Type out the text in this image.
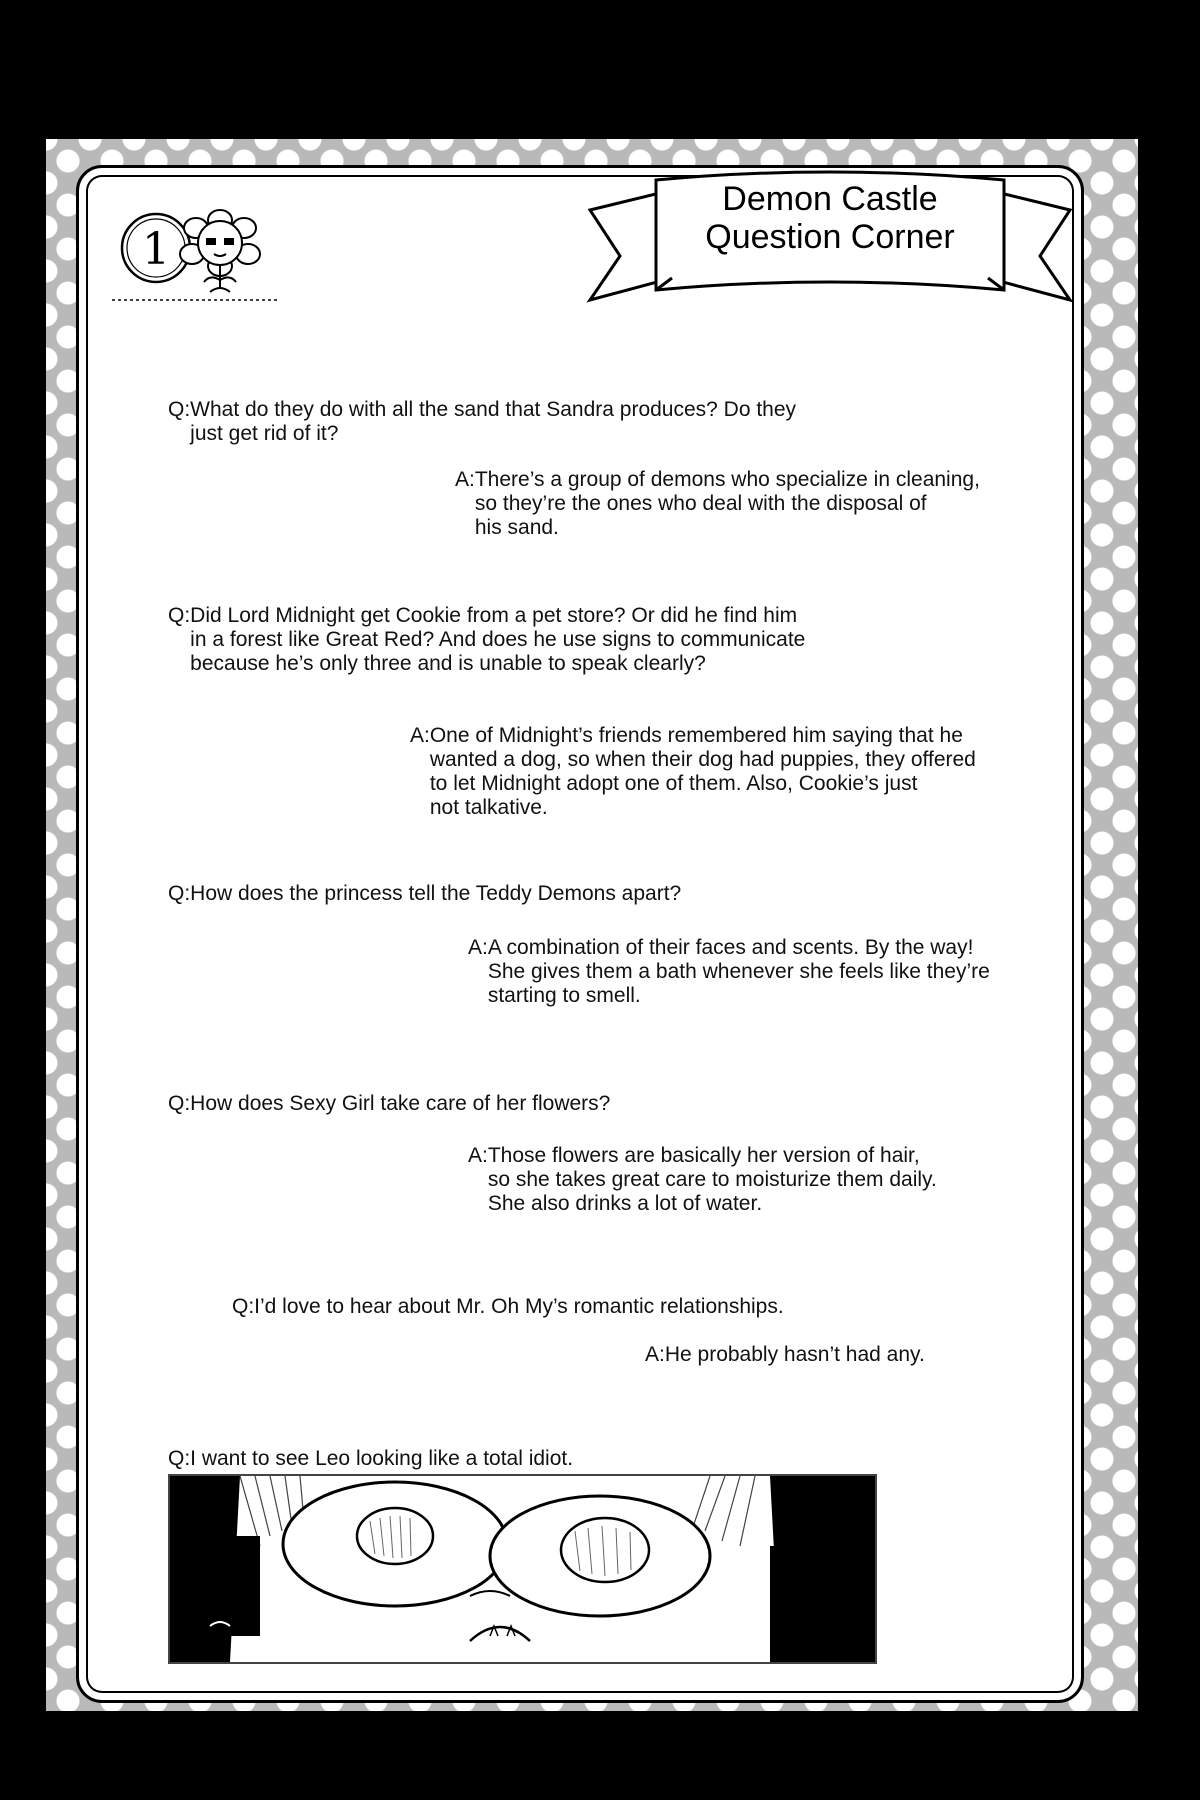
1
Demon Castle
Question Corner
Q: What do they do with all the sand that Sandra produces? Do they
just get rid of it?
A: There’s a group of demons who specialize in cleaning,
so they’re the ones who deal with the disposal of
his sand.
Q: Did Lord Midnight get Cookie from a pet store? Or did he find him
in a forest like Great Red? And does he use signs to communicate
because he’s only three and is unable to speak clearly?
A: One of Midnight’s friends remembered him saying that he
wanted a dog, so when their dog had puppies, they offered
to let Midnight adopt one of them. Also, Cookie’s just
not talkative.
Q: How does the princess tell the Teddy Demons apart?
A: A combination of their faces and scents. By the way!
She gives them a bath whenever she feels like they’re
starting to smell.
Q: How does Sexy Girl take care of her flowers?
A: Those flowers are basically her version of hair,
so she takes great care to moisturize them daily.
She also drinks a lot of water.
Q: I’d love to hear about Mr. Oh My’s romantic relationships.
A: He probably hasn’t had any.
Q: I want to see Leo looking like a total idiot.
